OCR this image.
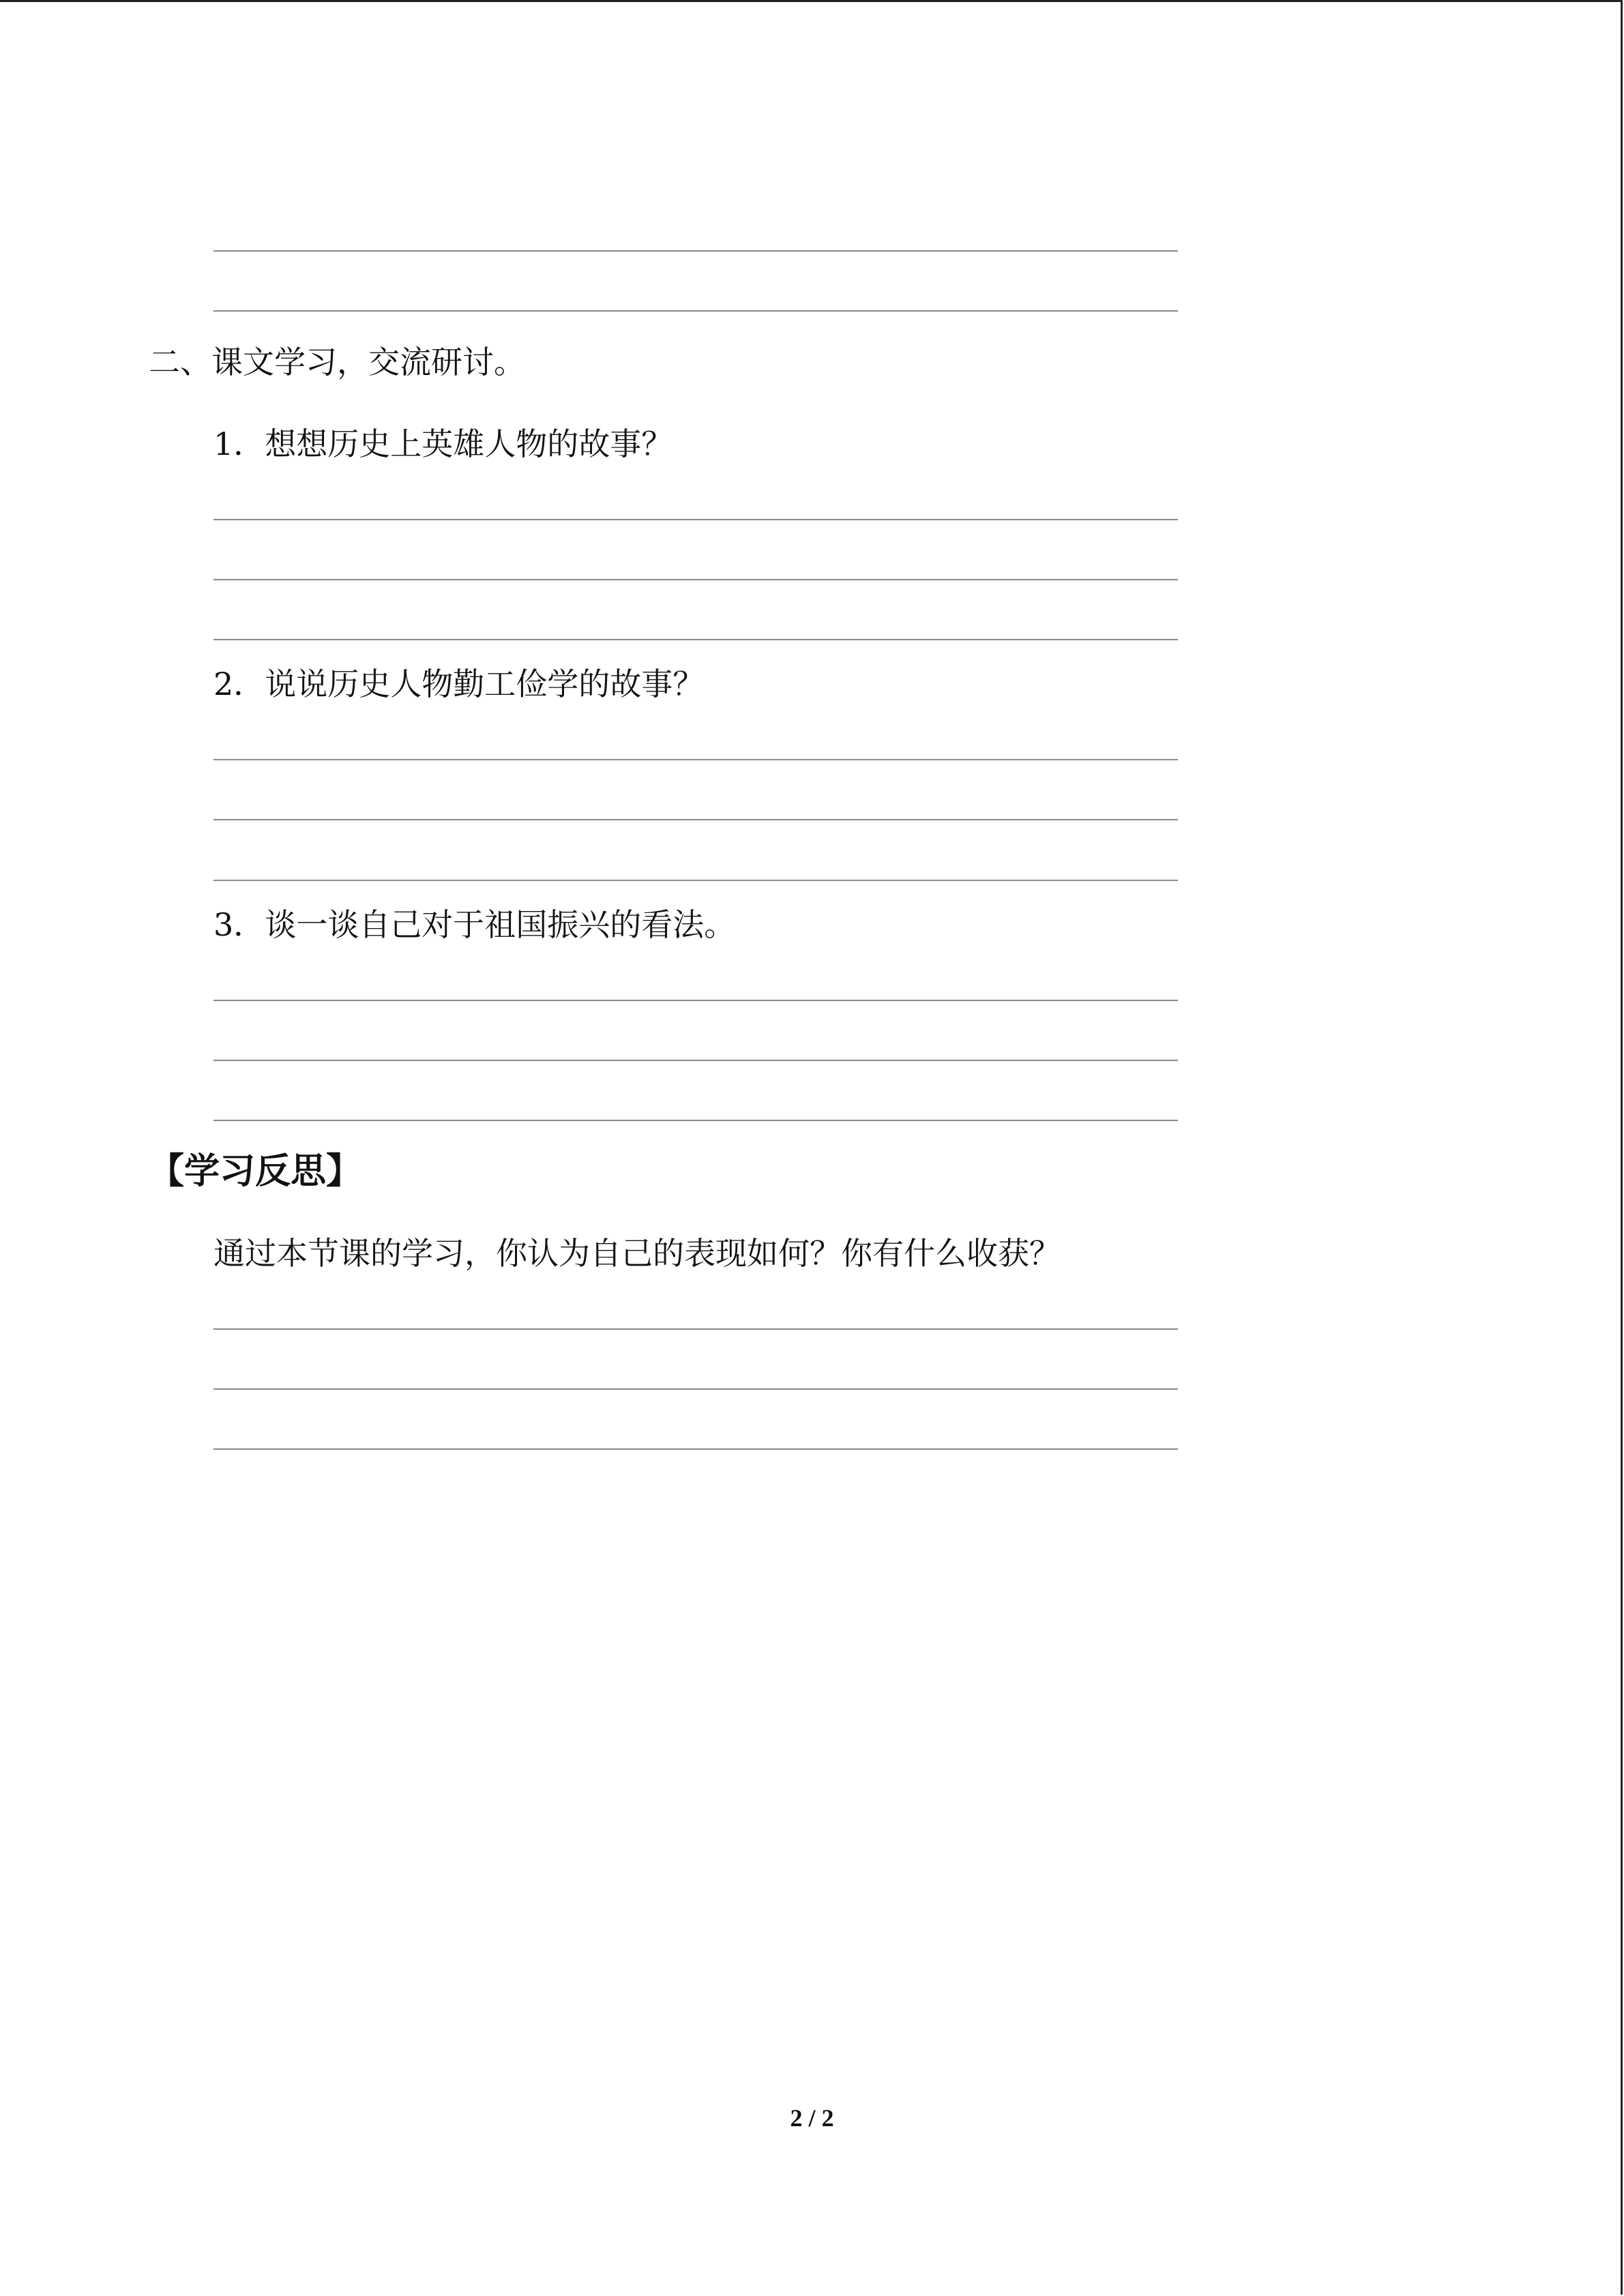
二、课文学习，交流研讨。
1．想想历史上英雄人物的故事？
2．说说历史人物勤工俭学的故事？
3．谈一谈自己对于祖国振兴的看法。
【学习反思】
通过本节课的学习，你认为自己的表现如何？你有什么收获？
2 / 2
